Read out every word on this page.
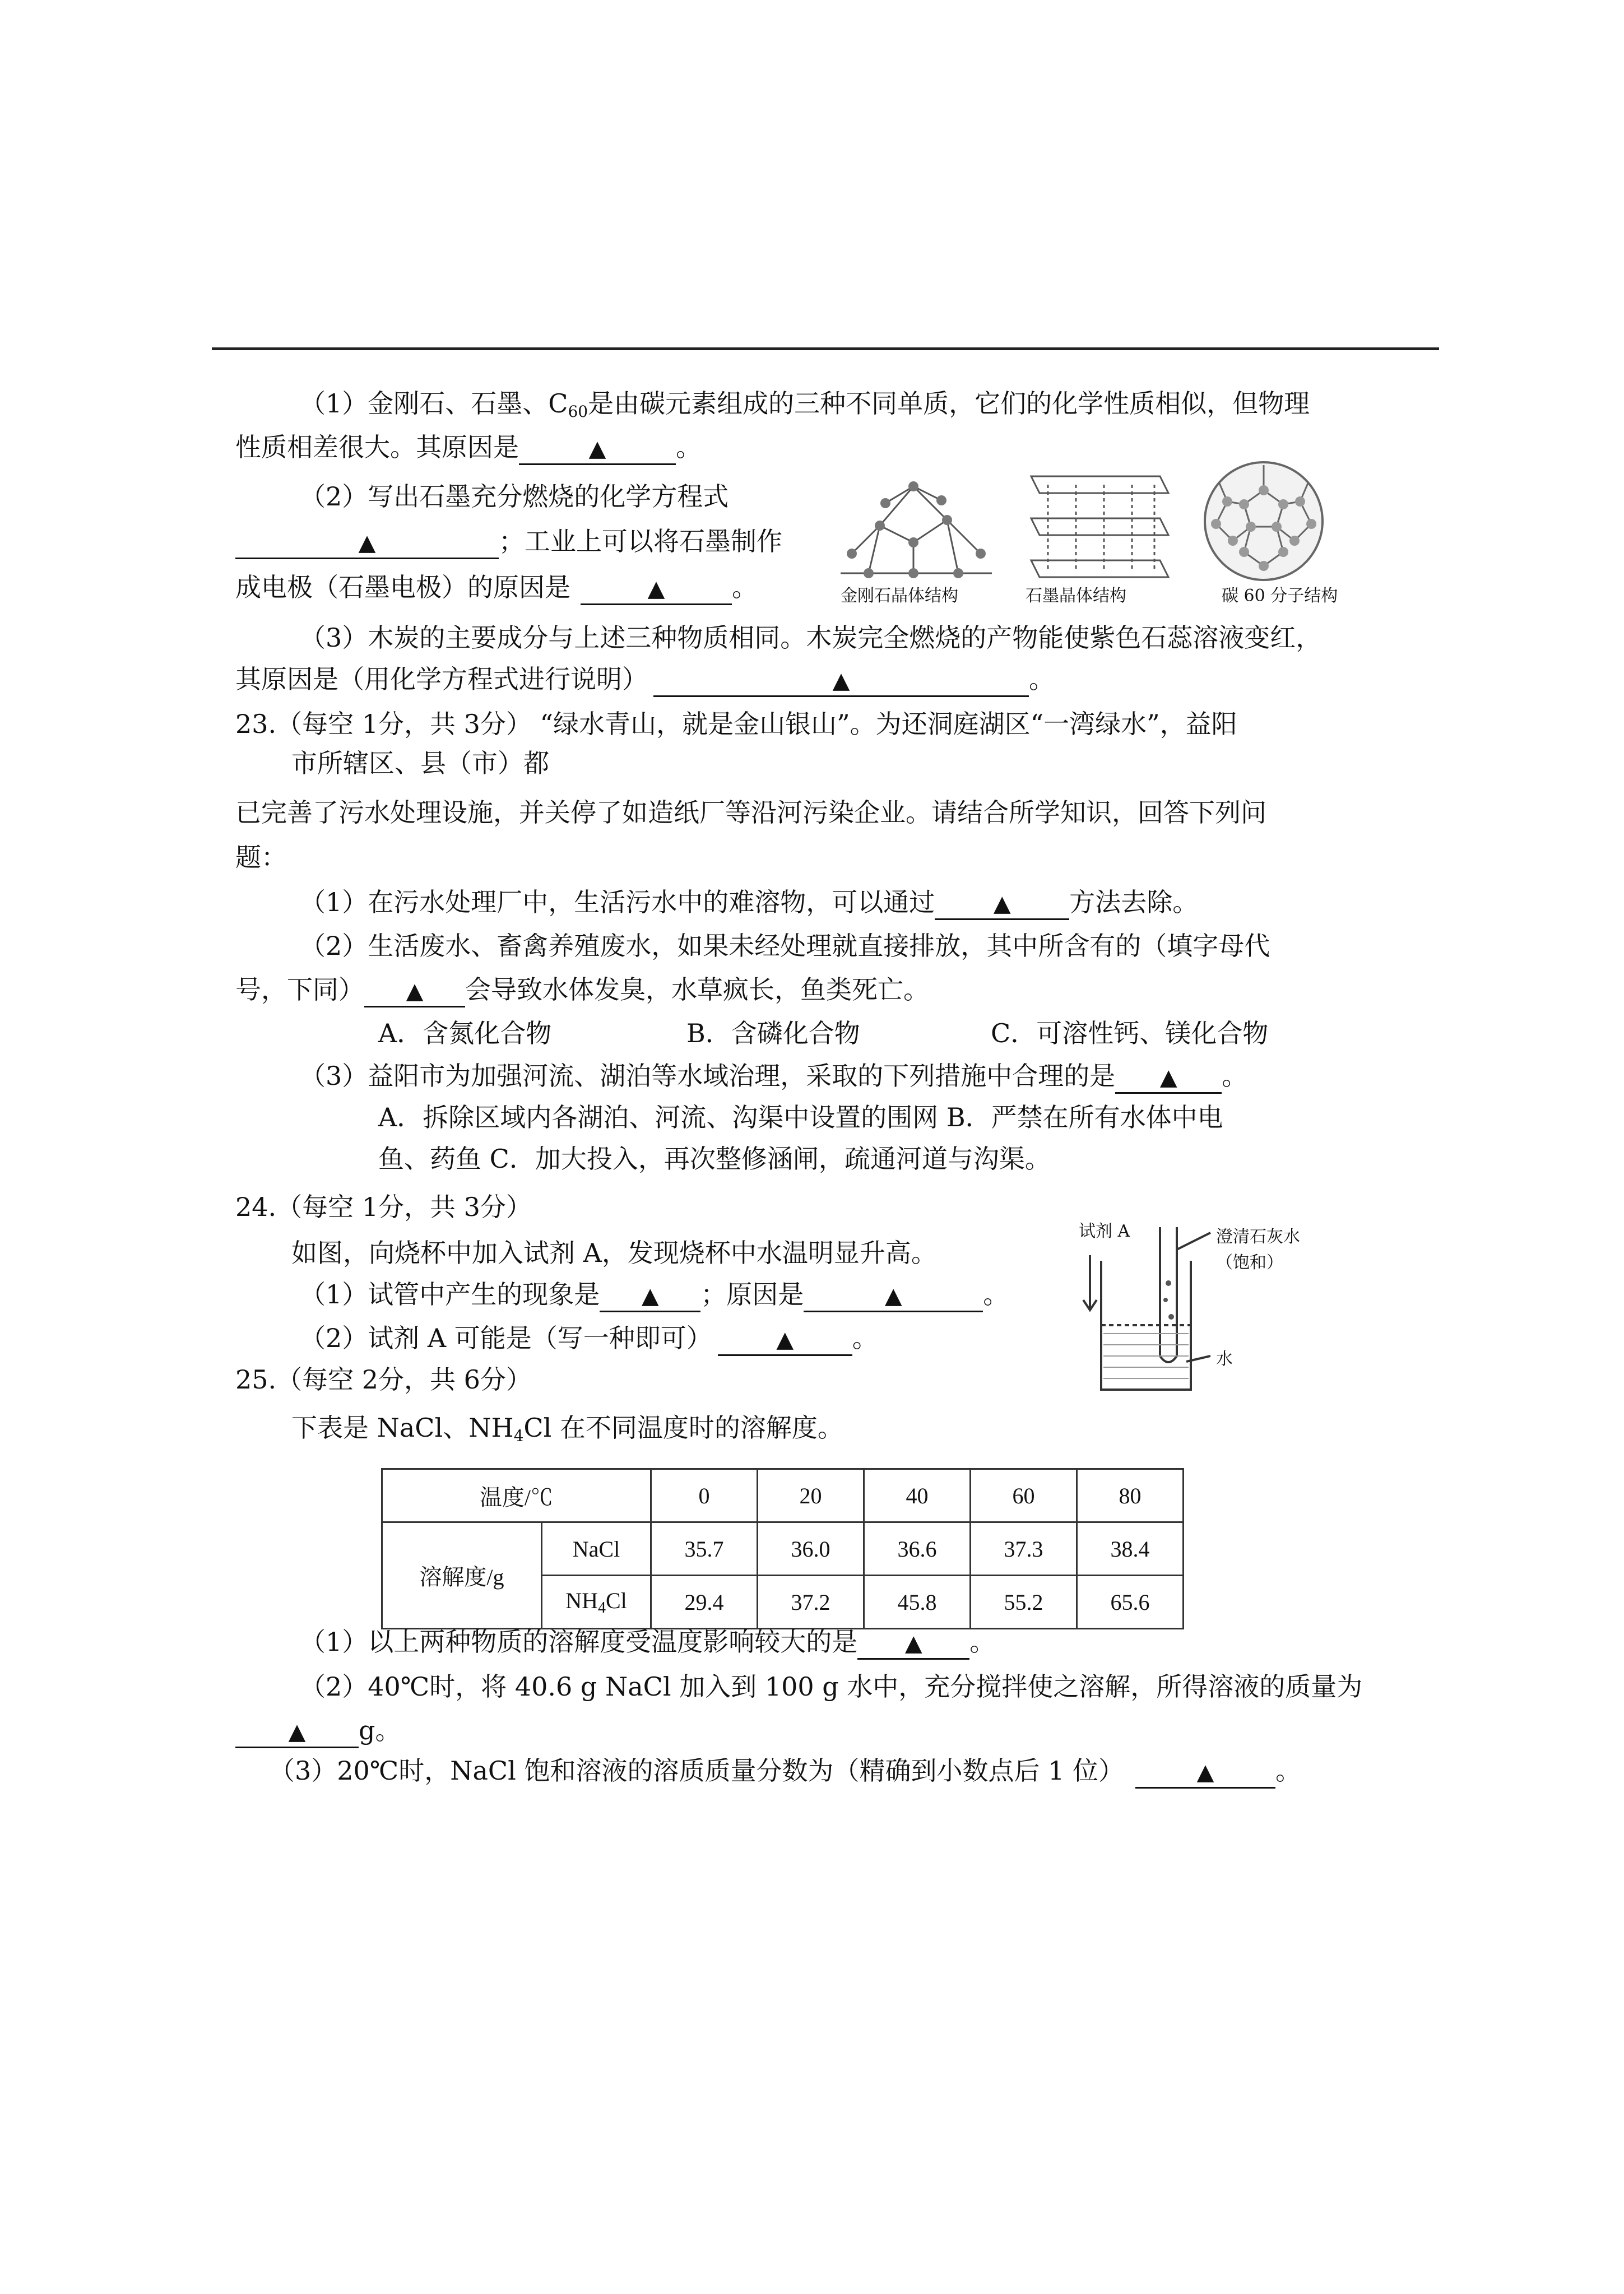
（1）金刚石、石墨、$C_{60}$是由碳元素组成的三种不同单质，它们的化学性质相似，但物理
性质相差很大。其原因是	▲	。
（2）写出石墨充分燃烧的化学方程式
▲	；工业上可以将石墨制作
成电极（石墨电极）的原因是	▲	。	金刚石晶体结构	石墨晶体结构	碳 60 分子结构
（3）木炭的主要成分与上述三种物质相同。木炭完全燃烧的产物能使紫色石蕊溶液变红，
其原因是（用化学方程式进行说明）	▲	。
23.（每空 1分，共 3分） “绿水青山，就是金山银山”。为还洞庭湖区“一湾绿水”，益阳
市所辖区、县（市）都
已完善了污水处理设施，并关停了如造纸厂等沿河污染企业。请结合所学知识，回答下列问
题：
（1）在污水处理厂中，生活污水中的难溶物，可以通过	▲ 方法去除。
（2）生活废水、畜禽养殖废水，如果未经处理就直接排放，其中所含有的（填字母代
号，下同） ▲ 会导致水体发臭，水草疯长，鱼类死亡。
A．含氮化合物	B．含磷化合物	C．可溶性钙、镁化合物
（3）益阳市为加强河流、湖泊等水域治理，采取的下列措施中合理的是 ▲ 。
A．拆除区域内各湖泊、河流、沟渠中设置的围网 B．严禁在所有水体中电
鱼、药鱼 C．加大投入，再次整修涵闸，疏通河道与沟渠。
24.（每空 1分，共 3分）
如图，向烧杯中加入试剂 A，发现烧杯中水温明显升高。
（1）试管中产生的现象是 ▲ ；原因是	▲	。
（2）试剂 A 可能是（写一种即可）	▲ 。
试剂 A	澄清石灰水
（饱和）
水
25.（每空 2分，共 6分）
下表是 NaCl、$NH_4Cl$ 在不同温度时的溶解度。
温度/℃		0	20	40	60	80
溶解度/g	NaCl	35.7	36.0	36.6	37.3	38.4
	$NH_4Cl$	29.4	37.2	45.8	55.2	65.6
（1）以上两种物质的溶解度受温度影响较大的是 ▲ 。
（2）40℃时，将 40.6 g NaCl 加入到 100 g 水中，充分搅拌使之溶解，所得溶液的质量为
▲ g。
（3）20℃时，NaCl 饱和溶液的溶质质量分数为（精确到小数点后 1 位）	▲ 。
